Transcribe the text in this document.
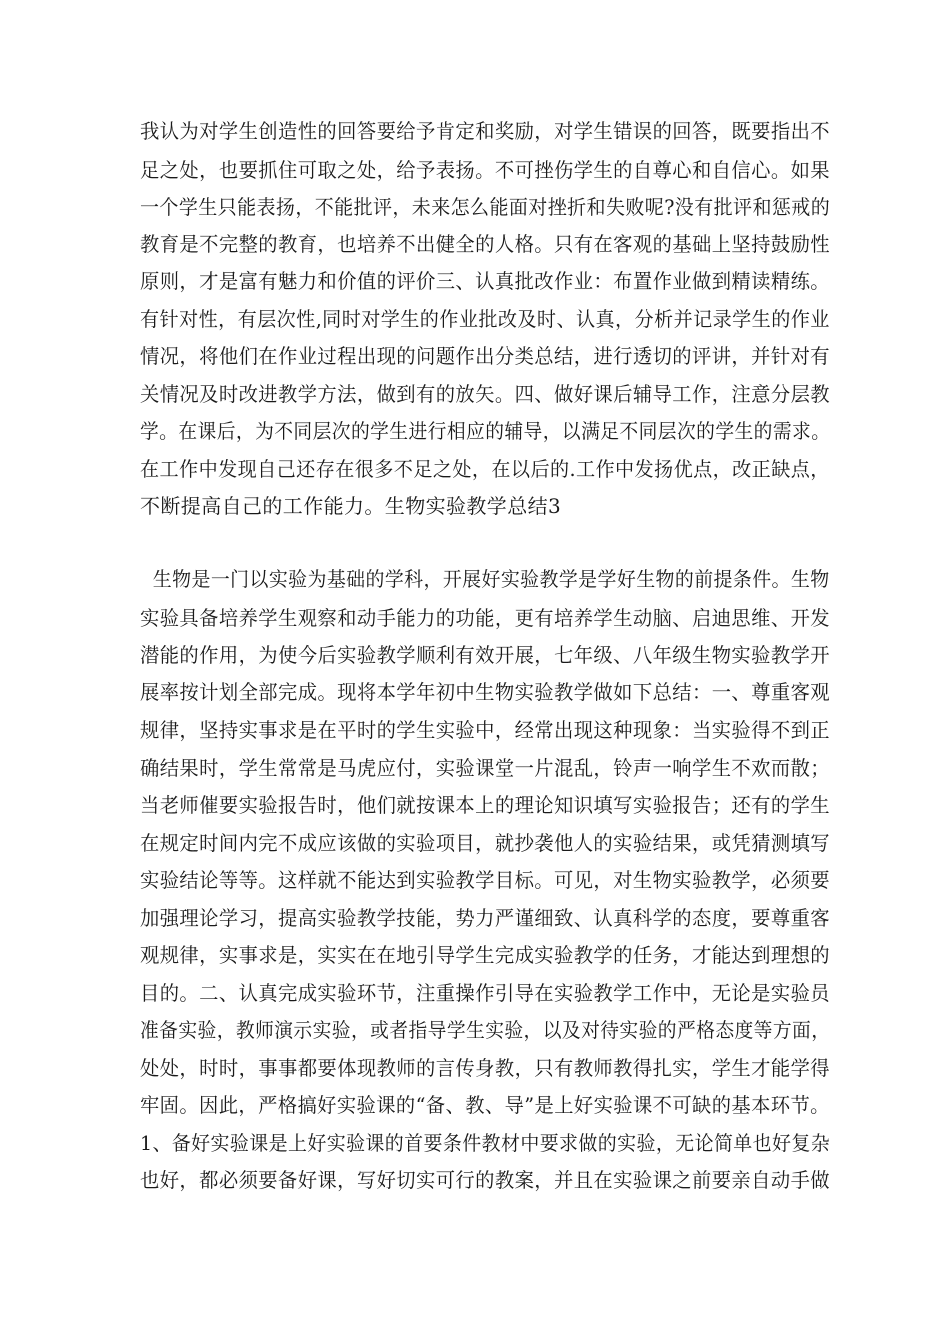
我认为对学生创造性的回答要给予肯定和奖励，对学生错误的回答，既要指出不
足之处，也要抓住可取之处，给予表扬。不可挫伤学生的自尊心和自信心。如果
一个学生只能表扬，不能批评，未来怎么能面对挫折和失败呢?没有批评和惩戒的
教育是不完整的教育，也培养不出健全的人格。只有在客观的基础上坚持鼓励性
原则，才是富有魅力和价值的评价三、认真批改作业：布置作业做到精读精练。
有针对性，有层次性,同时对学生的作业批改及时、认真，分析并记录学生的作业
情况，将他们在作业过程出现的问题作出分类总结，进行透切的评讲，并针对有
关情况及时改进教学方法，做到有的放矢。四、做好课后辅导工作，注意分层教
学。在课后，为不同层次的学生进行相应的辅导，以满足不同层次的学生的需求。
在工作中发现自己还存在很多不足之处，在以后的.工作中发扬优点，改正缺点，
不断提高自己的工作能力。生物实验教学总结3
生物是一门以实验为基础的学科，开展好实验教学是学好生物的前提条件。生物
实验具备培养学生观察和动手能力的功能，更有培养学生动脑、启迪思维、开发
潜能的作用，为使今后实验教学顺利有效开展，七年级、八年级生物实验教学开
展率按计划全部完成。现将本学年初中生物实验教学做如下总结：一、尊重客观
规律，坚持实事求是在平时的学生实验中，经常出现这种现象：当实验得不到正
确结果时，学生常常是马虎应付，实验课堂一片混乱，铃声一响学生不欢而散；
当老师催要实验报告时，他们就按课本上的理论知识填写实验报告；还有的学生
在规定时间内完不成应该做的实验项目，就抄袭他人的实验结果，或凭猜测填写
实验结论等等。这样就不能达到实验教学目标。可见，对生物实验教学，必须要
加强理论学习，提高实验教学技能，势力严谨细致、认真科学的态度，要尊重客
观规律，实事求是，实实在在地引导学生完成实验教学的任务，才能达到理想的
目的。二、认真完成实验环节，注重操作引导在实验教学工作中，无论是实验员
准备实验，教师演示实验，或者指导学生实验，以及对待实验的严格态度等方面，
处处，时时，事事都要体现教师的言传身教，只有教师教得扎实，学生才能学得
牢固。因此，严格搞好实验课的“备、教、导”是上好实验课不可缺的基本环节。
1、备好实验课是上好实验课的首要条件教材中要求做的实验，无论简单也好复杂
也好，都必须要备好课，写好切实可行的教案，并且在实验课之前要亲自动手做
